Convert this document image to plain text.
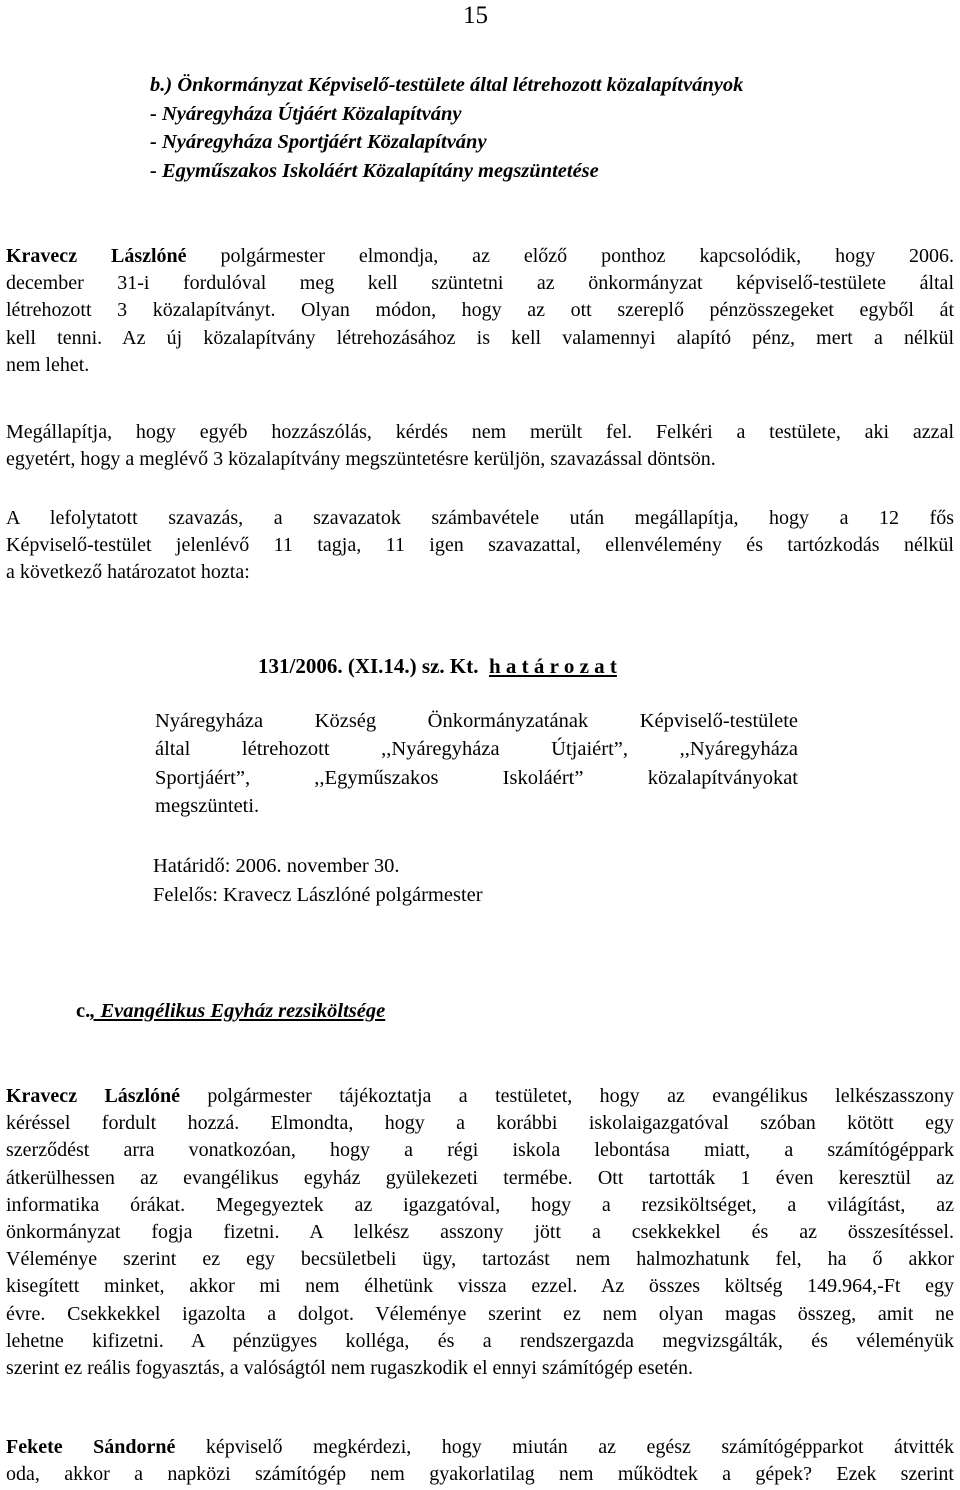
15
b.) Önkormányzat Képviselő-testülete által létrehozott közalapítványok
- Nyáregyháza Útjáért Közalapítvány
- Nyáregyháza Sportjáért Közalapítvány
- Egyműszakos Iskoláért Közalapítány megszüntetése
Kravecz Lászlóné polgármester elmondja, az előző ponthoz kapcsolódik, hogy 2006.
december 31-i fordulóval meg kell szüntetni az önkormányzat képviselő-testülete által
létrehozott 3 közalapítványt. Olyan módon, hogy az ott szereplő pénzösszegeket egyből át
kell tenni. Az új közalapítvány létrehozásához is kell valamennyi alapító pénz, mert a nélkül
nem lehet.
Megállapítja, hogy egyéb hozzászólás, kérdés nem merült fel. Felkéri a testülete, aki azzal
egyetért, hogy a meglévő 3 közalapítvány megszüntetésre kerüljön, szavazással döntsön.
A lefolytatott szavazás, a szavazatok számbavétele után megállapítja, hogy a 12 fős
Képviselő-testület jelenlévő 11 tagja, 11 igen szavazattal, ellenvélemény és tartózkodás nélkül
a következő határozatot hozta:
131/2006. (XI.14.) sz. Kt. h a t á r o z a t
Nyáregyháza Község Önkormányzatának Képviselő-testülete
által létrehozott ,,Nyáregyháza Útjaiért”, ,,Nyáregyháza
Sportjáért”, ,,Egyműszakos Iskoláért” közalapítványokat
megszünteti.
Határidő: 2006. november 30.
Felelős: Kravecz Lászlóné polgármester
c., Evangélikus Egyház rezsiköltsége
Kravecz Lászlóné polgármester tájékoztatja a testületet, hogy az evangélikus lelkészasszony
kéréssel fordult hozzá. Elmondta, hogy a korábbi iskolaigazgatóval szóban kötött egy
szerződést arra vonatkozóan, hogy a régi iskola lebontása miatt, a számítógéppark
átkerülhessen az evangélikus egyház gyülekezeti termébe. Ott tartották 1 éven keresztül az
informatika órákat. Megegyeztek az igazgatóval, hogy a rezsiköltséget, a világítást, az
önkormányzat fogja fizetni. A lelkész asszony jött a csekkekkel és az összesítéssel.
Véleménye szerint ez egy becsületbeli ügy, tartozást nem halmozhatunk fel, ha ő akkor
kisegített minket, akkor mi nem élhetünk vissza ezzel. Az összes költség 149.964,-Ft egy
évre. Csekkekkel igazolta a dolgot. Véleménye szerint ez nem olyan magas összeg, amit ne
lehetne kifizetni. A pénzügyes kolléga, és a rendszergazda megvizsgálták, és véleményük
szerint ez reális fogyasztás, a valóságtól nem rugaszkodik el ennyi számítógép esetén.
Fekete Sándorné képviselő megkérdezi, hogy miután az egész számítógépparkot átvitték
oda, akkor a napközi számítógép nem gyakorlatilag nem működtek a gépek? Ezek szerint
